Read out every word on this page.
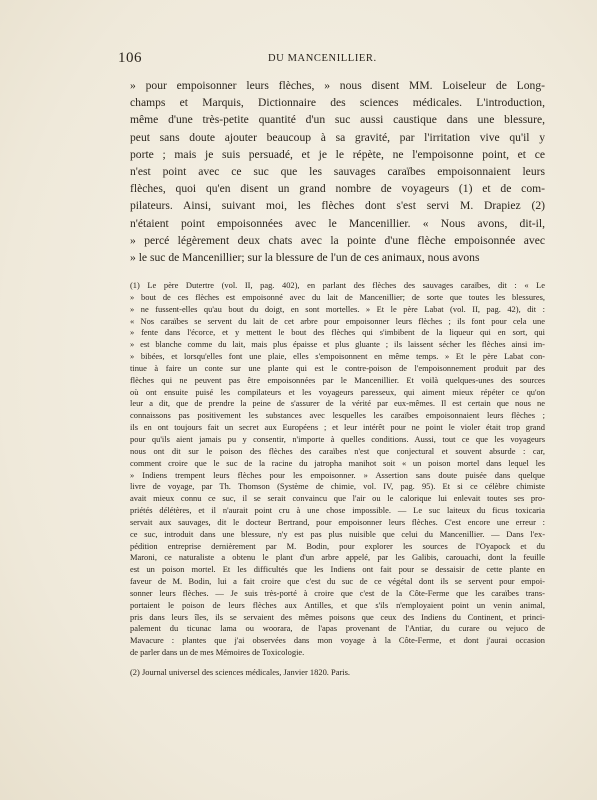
106	DU MANCENILLIER.
» pour empoisonner leurs flèches, » nous disent MM. Loiseleur de Long-
champs et Marquis, Dictionnaire des sciences médicales. L'introduction,
même d'une très-petite quantité d'un suc aussi caustique dans une blessure,
peut sans doute ajouter beaucoup à sa gravité, par l'irritation vive qu'il y
porte ; mais je suis persuadé, et je le répète, ne l'empoisonne point, et ce
n'est point avec ce suc que les sauvages caraïbes empoisonnaient leurs
flèches, quoi qu'en disent un grand nombre de voyageurs (1) et de com-
pilateurs. Ainsi, suivant moi, les flèches dont s'est servi M. Drapiez (2)
n'étaient point empoisonnées avec le Mancenillier. « Nous avons, dit-il,
» percé légèrement deux chats avec la pointe d'une flèche empoisonnée avec
» le suc de Mancenillier; sur la blessure de l'un de ces animaux, nous avons
(1) Le père Dutertre (vol. II, pag. 402), en parlant des flèches des sauvages caraïbes, dit : « Le
» bout de ces flèches est empoisonné avec du lait de Mancenillier; de sorte que toutes les blessures,
» ne fussent-elles qu'au bout du doigt, en sont mortelles. » Et le père Labat (vol. II, pag. 42), dit :
« Nos caraïbes se servent du lait de cet arbre pour empoisonner leurs flèches ; ils font pour cela une
» fente dans l'écorce, et y mettent le bout des flèches qui s'imbibent de la liqueur qui en sort, qui
» est blanche comme du lait, mais plus épaisse et plus gluante ; ils laissent sécher les flèches ainsi im-
» bibées, et lorsqu'elles font une plaie, elles s'empoisonnent en même temps. » Et le père Labat con-
tinue à faire un conte sur une plante qui est le contre-poison de l'empoisonnement produit par des
flèches qui ne peuvent pas être empoisonnées par le Mancenillier. Et voilà quelques-unes des sources
où ont ensuite puisé les compilateurs et les voyageurs paresseux, qui aiment mieux répéter ce qu'on
leur a dit, que de prendre la peine de s'assurer de la vérité par eux-mêmes. Il est certain que nous ne
connaissons pas positivement les substances avec lesquelles les caraïbes empoisonnaient leurs flèches ;
ils en ont toujours fait un secret aux Européens ; et leur intérêt pour ne point le violer était trop grand
pour qu'ils aient jamais pu y consentir, n'importe à quelles conditions. Aussi, tout ce que les voyageurs
nous ont dit sur le poison des flèches des caraïbes n'est que conjectural et souvent absurde : car,
comment croire que le suc de la racine du jatropha manihot soit « un poison mortel dans lequel les
» Indiens trempent leurs flèches pour les empoisonner. » Assertion sans doute puisée dans quelque
livre de voyage, par Th. Thomson (Système de chimie, vol. IV, pag. 95). Et si ce célèbre chimiste
avait mieux connu ce suc, il se serait convaincu que l'air ou le calorique lui enlevait toutes ses pro-
priétés délétères, et il n'aurait point cru à une chose impossible. — Le suc laiteux du ficus toxicaria
servait aux sauvages, dit le docteur Bertrand, pour empoisonner leurs flèches. C'est encore une erreur :
ce suc, introduit dans une blessure, n'y est pas plus nuisible que celui du Mancenillier. — Dans l'ex-
pédition entreprise dernièrement par M. Bodin, pour explorer les sources de l'Oyapock et du
Maroni, ce naturaliste a obtenu le plant d'un arbre appelé, par les Galibis, carouachi, dont la feuille
est un poison mortel. Et les difficultés que les Indiens ont fait pour se dessaisir de cette plante en
faveur de M. Bodin, lui a fait croire que c'est du suc de ce végétal dont ils se servent pour empoi-
sonner leurs flèches. — Je suis très-porté à croire que c'est de la Côte-Ferme que les caraïbes trans-
portaient le poison de leurs flèches aux Antilles, et que s'ils n'employaient point un venin animal,
pris dans leurs îles, ils se servaient des mêmes poisons que ceux des Indiens du Continent, et princi-
palement du ticunac lama ou woorara, de l'apas provenant de l'Antiar, du curare ou vejuco de
Mavacure : plantes que j'ai observées dans mon voyage à la Côte-Ferme, et dont j'aurai occasion
de parler dans un de mes Mémoires de Toxicologie.
(2) Journal universel des sciences médicales, Janvier 1820. Paris.
